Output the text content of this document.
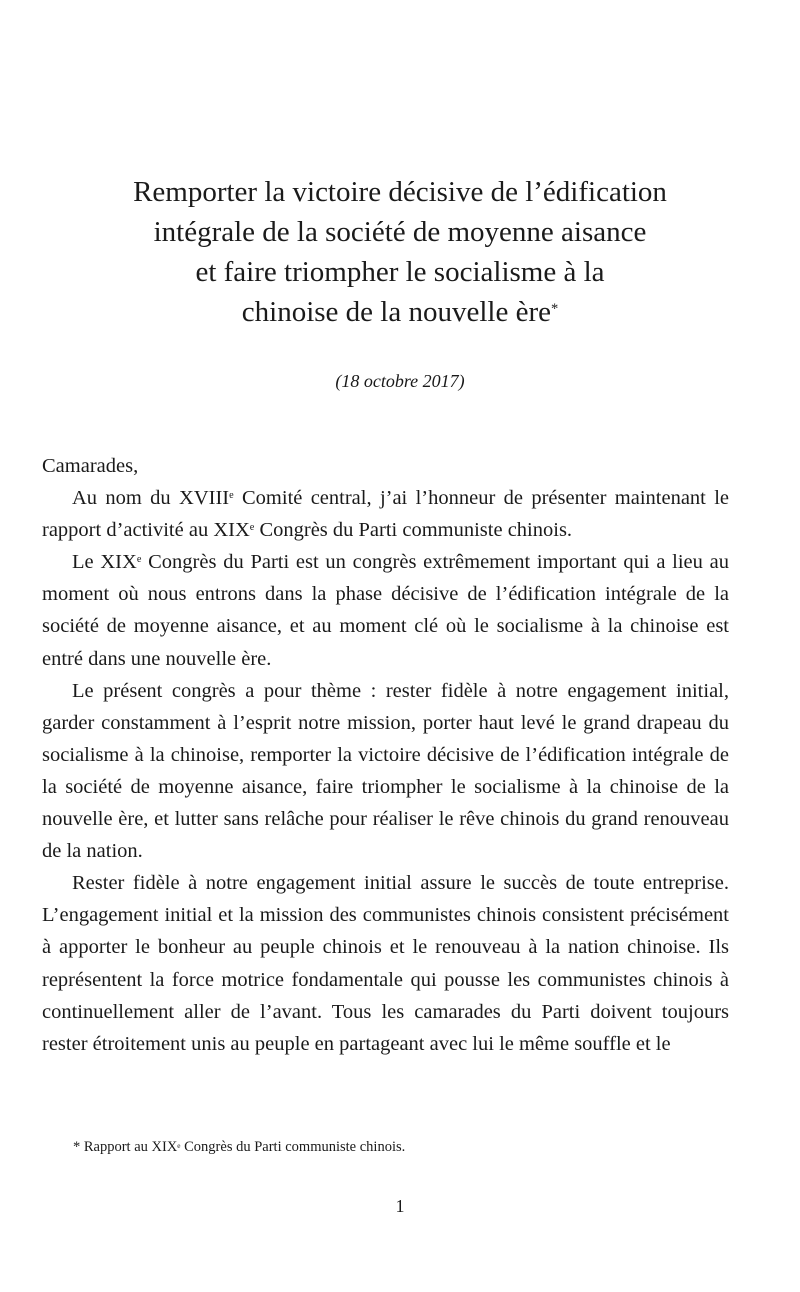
Remporter la victoire décisive de l’édification
intégrale de la société de moyenne aisance
et faire triompher le socialisme à la
chinoise de la nouvelle ère*
(18 octobre 2017)

Camarades,

Au nom du XVIIIe Comité central, j’ai l’honneur de présenter maintenant le rapport d’activité au XIXe Congrès du Parti communiste chinois.

Le XIXe Congrès du Parti est un congrès extrêmement important qui a lieu au moment où nous entrons dans la phase décisive de l’édification intégrale de la société de moyenne aisance, et au moment clé où le socialisme à la chinoise est entré dans une nouvelle ère.

Le présent congrès a pour thème : rester fidèle à notre engagement initial, garder constamment à l’esprit notre mission, porter haut levé le grand drapeau du socialisme à la chinoise, remporter la victoire décisive de l’édification intégrale de la société de moyenne aisance, faire triompher le socialisme à la chinoise de la nouvelle ère, et lutter sans relâche pour réaliser le rêve chinois du grand renouveau de la nation.

Rester fidèle à notre engagement initial assure le succès de toute entreprise. L’engagement initial et la mission des communistes chinois consistent précisément à apporter le bonheur au peuple chinois et le renouveau à la nation chinoise. Ils représentent la force motrice fondamentale qui pousse les communistes chinois à continuellement aller de l’avant. Tous les camarades du Parti doivent toujours rester étroitement unis au peuple en partageant avec lui le même souffle et le

* Rapport au XIXe Congrès du Parti communiste chinois.
1
